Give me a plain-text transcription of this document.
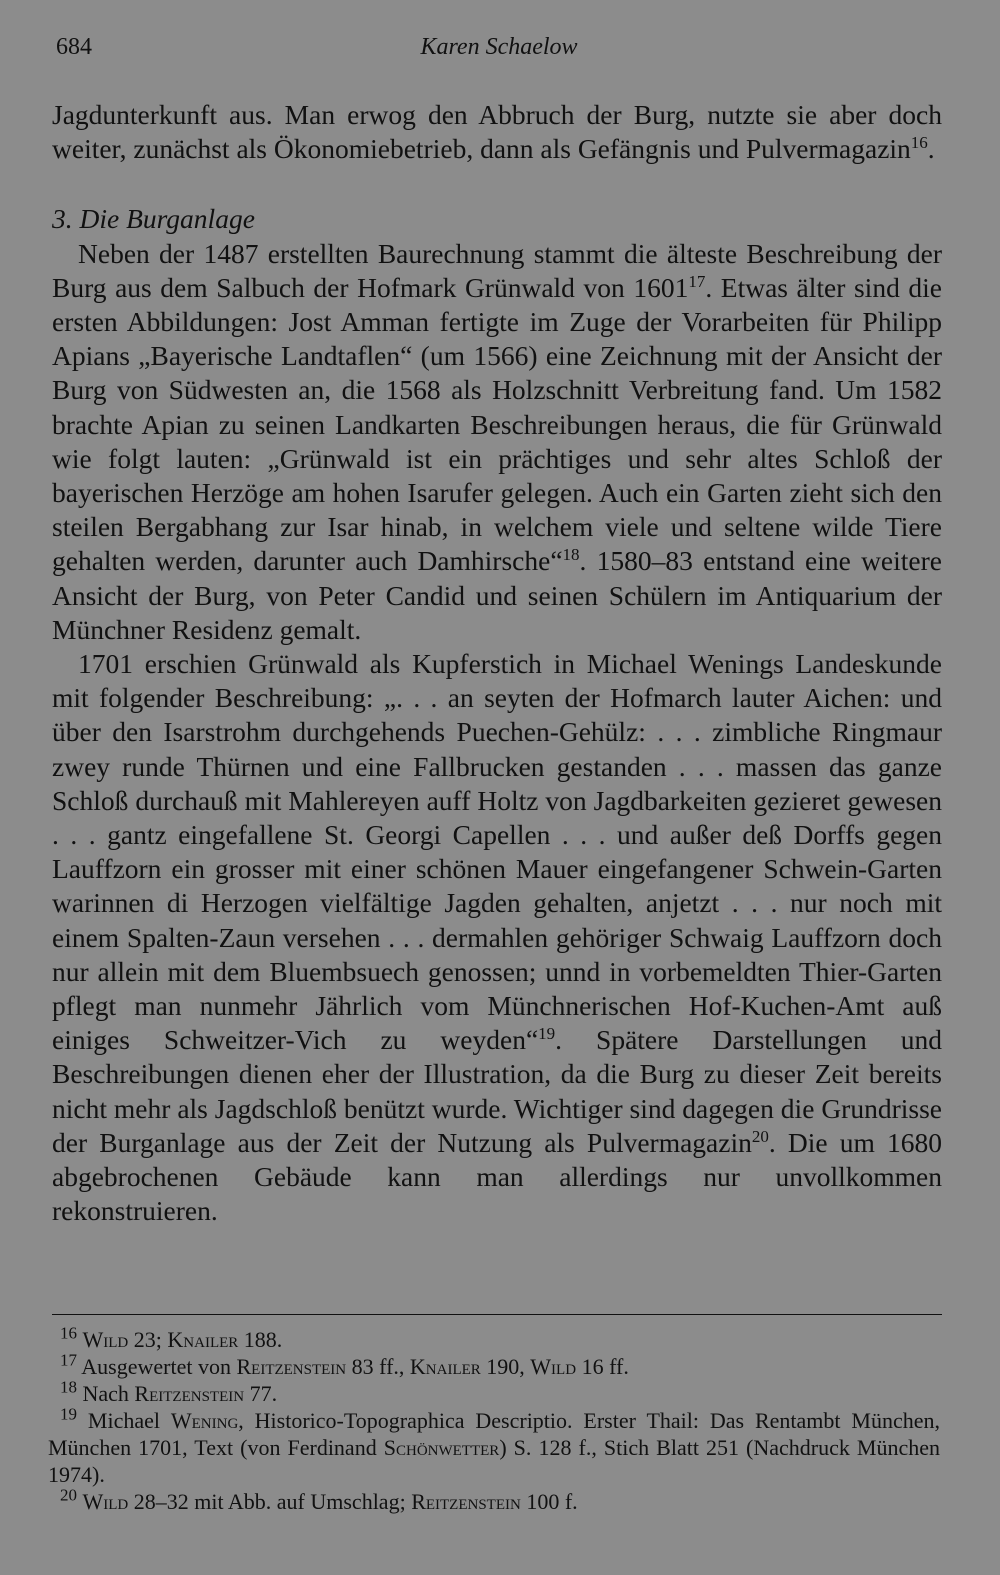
684	Karen Schaelow

Jagdunterkunft aus. Man erwog den Abbruch der Burg, nutzte sie aber doch weiter, zunächst als Ökonomiebetrieb, dann als Gefängnis und Pulvermagazin$^{16}$.

3. Die Burganlage

Neben der 1487 erstellten Baurechnung stammt die älteste Beschreibung der Burg aus dem Salbuch der Hofmark Grünwald von 1601$^{17}$. Etwas älter sind die ersten Abbildungen: Jost Amman fertigte im Zuge der Vorarbeiten für Philipp Apians „Bayerische Landtaflen“ (um 1566) eine Zeichnung mit der Ansicht der Burg von Südwesten an, die 1568 als Holzschnitt Verbreitung fand. Um 1582 brachte Apian zu seinen Landkarten Beschreibungen heraus, die für Grünwald wie folgt lauten: „Grünwald ist ein prächtiges und sehr altes Schloß der bayerischen Herzöge am hohen Isarufer gelegen. Auch ein Garten zieht sich den steilen Bergabhang zur Isar hinab, in welchem viele und seltene wilde Tiere gehalten werden, darunter auch Damhirsche“$^{18}$. 1580–83 entstand eine weitere Ansicht der Burg, von Peter Candid und seinen Schülern im Antiquarium der Münchner Residenz gemalt.

1701 erschien Grünwald als Kupferstich in Michael Wenings Landeskunde mit folgender Beschreibung: „. . . an seyten der Hofmarch lauter Aichen: und über den Isarstrohm durchgehends Puechen-Gehülz: . . . zimbliche Ringmaur zwey runde Thürnen und eine Fallbrucken gestanden . . . massen das ganze Schloß durchauß mit Mahlereyen auff Holtz von Jagdbarkeiten gezieret gewesen . . . gantz eingefallene St. Georgi Capellen . . . und außer deß Dorffs gegen Lauffzorn ein grosser mit einer schönen Mauer eingefangener Schwein-Garten warinnen di Herzogen vielfältige Jagden gehalten, anjetzt . . . nur noch mit einem Spalten-Zaun versehen . . . dermahlen gehöriger Schwaig Lauffzorn doch nur allein mit dem Bluembsuech genossen; unnd in vorbemeldten Thier-Garten pflegt man nunmehr Jährlich vom Münchnerischen Hof-Kuchen-Amt auß einiges Schweitzer-Vich zu weyden“$^{19}$. Spätere Darstellungen und Beschreibungen dienen eher der Illustration, da die Burg zu dieser Zeit bereits nicht mehr als Jagdschloß benützt wurde. Wichtiger sind dagegen die Grundrisse der Burganlage aus der Zeit der Nutzung als Pulvermagazin$^{20}$. Die um 1680 abgebrochenen Gebäude kann man allerdings nur unvollkommen rekonstruieren.

$^{16}$ Wild 23; Knailer 188.

$^{17}$ Ausgewertet von Reitzenstein 83 ff., Knailer 190, Wild 16 ff.

$^{18}$ Nach Reitzenstein 77.

$^{19}$ Michael Wening, Historico-Topographica Descriptio. Erster Thail: Das Rentambt München, München 1701, Text (von Ferdinand Schönwetter) S. 128 f., Stich Blatt 251 (Nachdruck München 1974).

$^{20}$ Wild 28–32 mit Abb. auf Umschlag; Reitzenstein 100 f.
